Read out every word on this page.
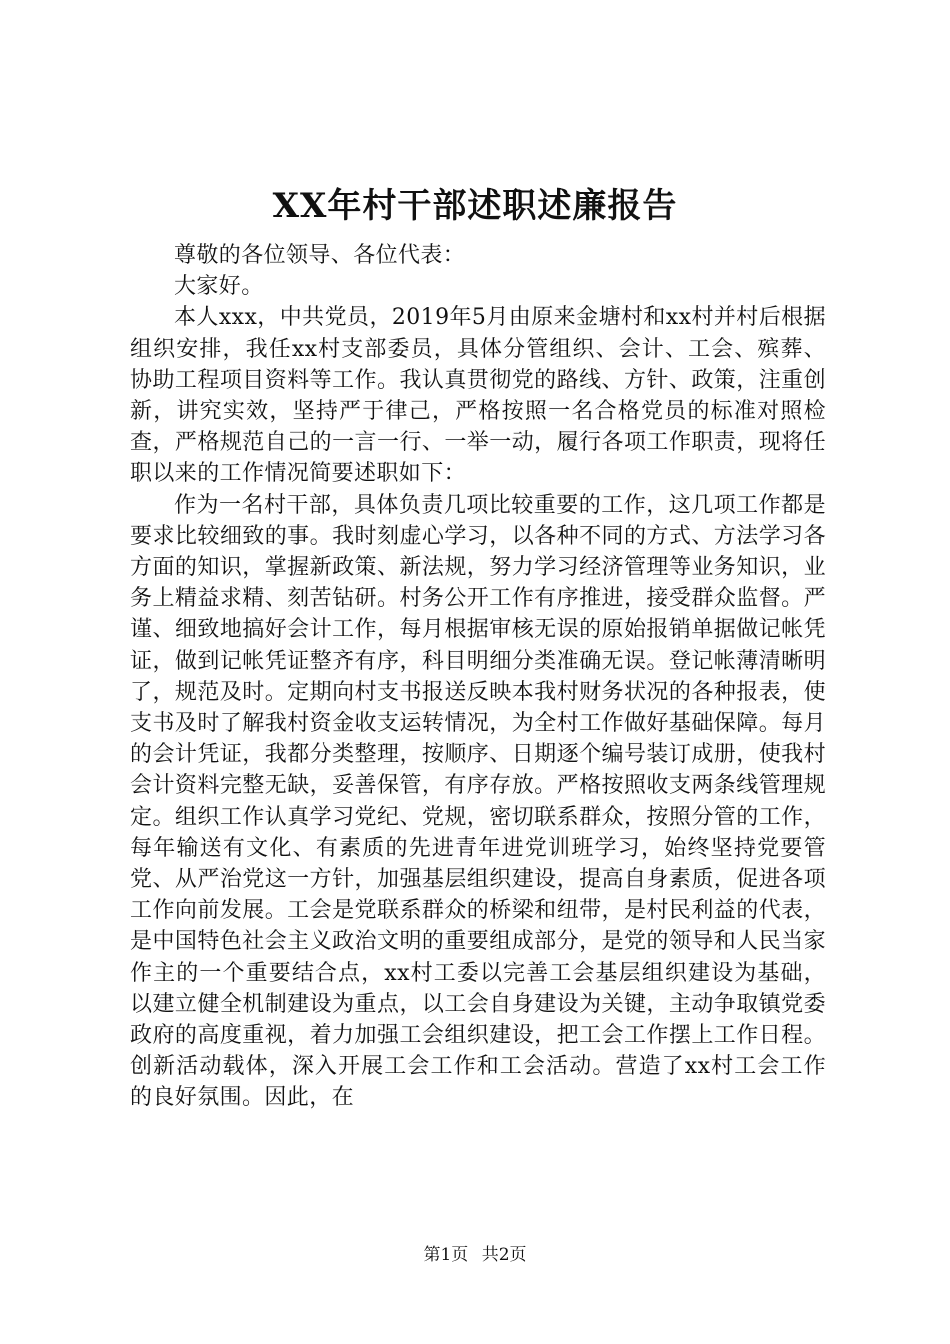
XX年村干部述职述廉报告

尊敬的各位领导、各位代表：

大家好。

本人xxx，中共党员，2019年5月由原来金塘村和xx村并村后根据组织安排，我任xx村支部委员，具体分管组织、会计、工会、殡葬、协助工程项目资料等工作。我认真贯彻党的路线、方针、政策，注重创新，讲究实效，坚持严于律己，严格按照一名合格党员的标准对照检查，严格规范自己的一言一行、一举一动，履行各项工作职责，现将任职以来的工作情况简要述职如下：

作为一名村干部，具体负责几项比较重要的工作，这几项工作都是要求比较细致的事。我时刻虚心学习，以各种不同的方式、方法学习各方面的知识，掌握新政策、新法规，努力学习经济管理等业务知识，业务上精益求精、刻苦钻研。村务公开工作有序推进，接受群众监督。严谨、细致地搞好会计工作，每月根据审核无误的原始报销单据做记帐凭证，做到记帐凭证整齐有序，科目明细分类准确无误。登记帐薄清晰明了，规范及时。定期向村支书报送反映本我村财务状况的各种报表，使支书及时了解我村资金收支运转情况，为全村工作做好基础保障。每月的会计凭证，我都分类整理，按顺序、日期逐个编号装订成册，使我村会计资料完整无缺，妥善保管，有序存放。严格按照收支两条线管理规定。组织工作认真学习党纪、党规，密切联系群众，按照分管的工作，每年输送有文化、有素质的先进青年进党训班学习，始终坚持党要管党、从严治党这一方针，加强基层组织建设，提高自身素质，促进各项工作向前发展。工会是党联系群众的桥梁和纽带，是村民利益的代表，是中国特色社会主义政治文明的重要组成部分，是党的领导和人民当家作主的一个重要结合点，xx村工委以完善工会基层组织建设为基础，以建立健全机制建设为重点，以工会自身建设为关键，主动争取镇党委政府的高度重视，着力加强工会组织建设，把工会工作摆上工作日程。创新活动载体，深入开展工会工作和工会活动。营造了xx村工会工作的良好氛围。因此，在

第1页 共2页
